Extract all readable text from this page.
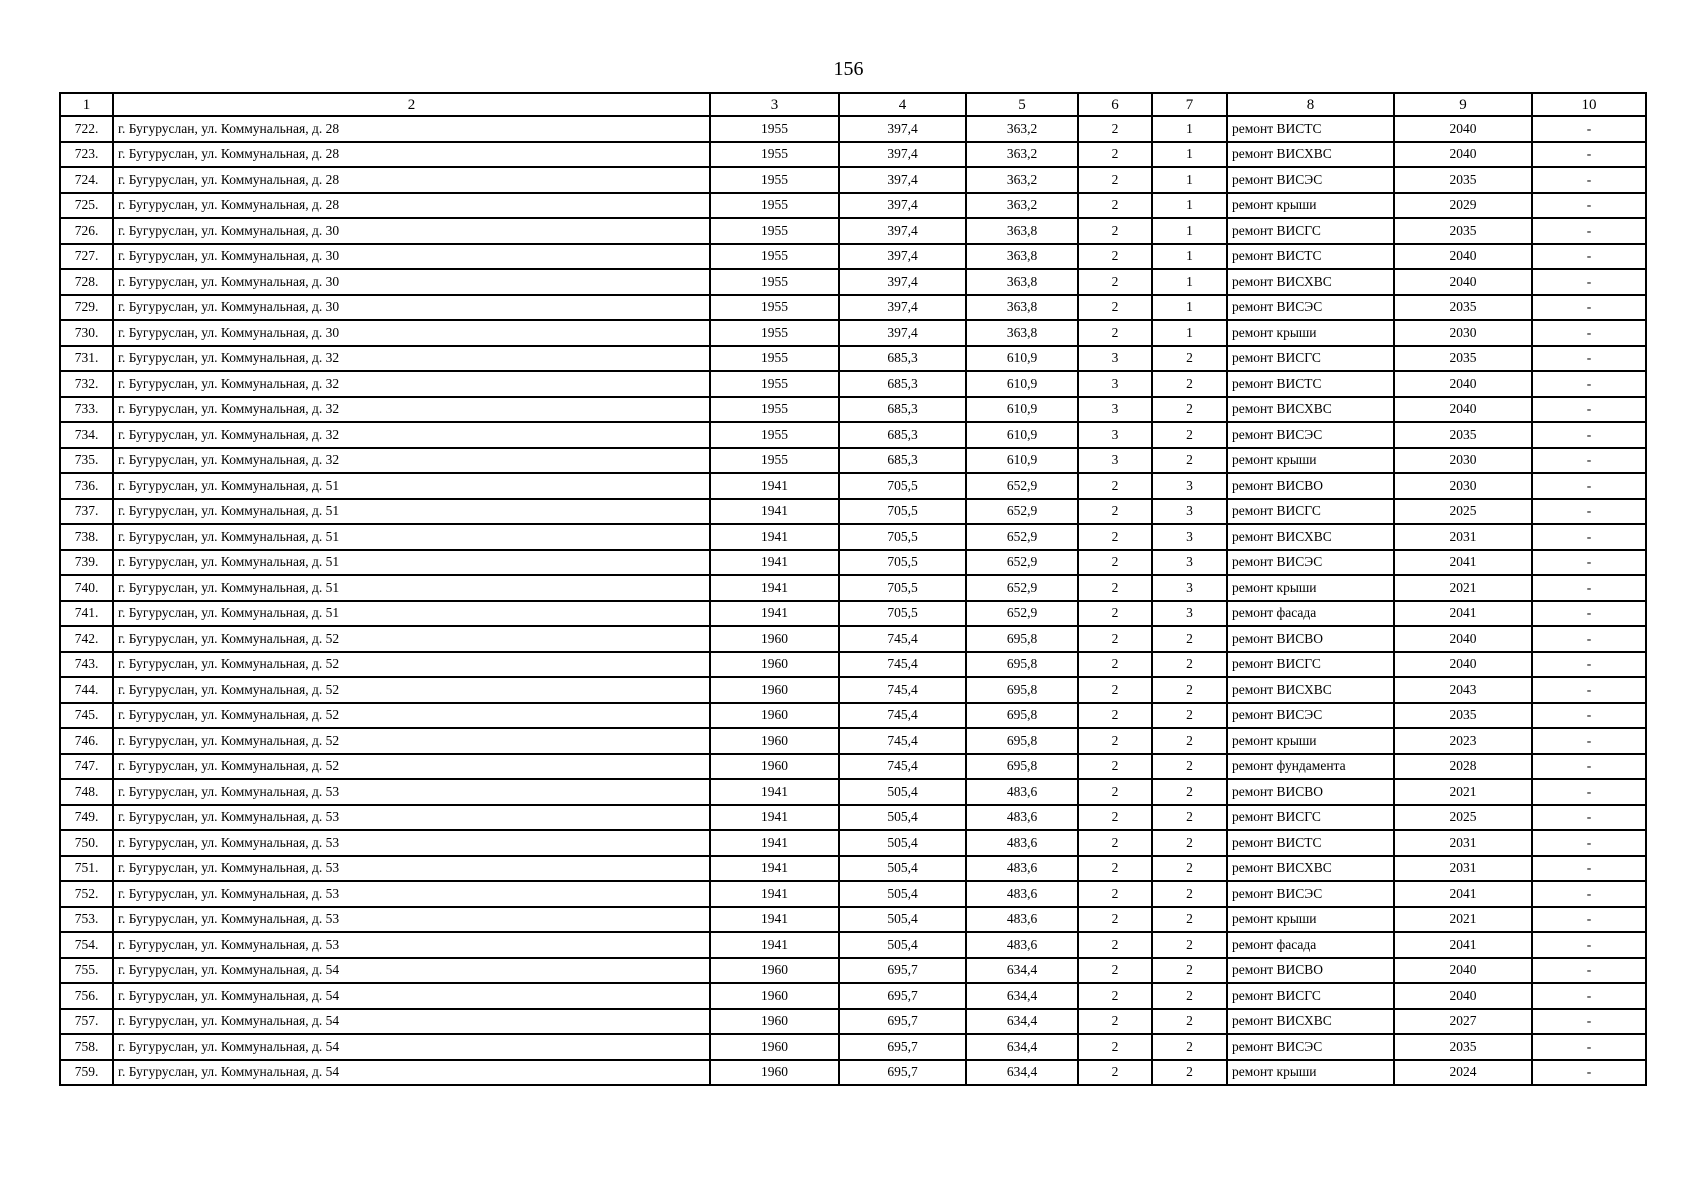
156
1	2	3	4	5	6	7	8	9	10
722.	г. Бугуруслан, ул. Коммунальная, д. 28	1955	397,4	363,2	2	1	ремонт ВИСТС	2040	-
723.	г. Бугуруслан, ул. Коммунальная, д. 28	1955	397,4	363,2	2	1	ремонт ВИСХВС	2040	-
724.	г. Бугуруслан, ул. Коммунальная, д. 28	1955	397,4	363,2	2	1	ремонт ВИСЭС	2035	-
725.	г. Бугуруслан, ул. Коммунальная, д. 28	1955	397,4	363,2	2	1	ремонт крыши	2029	-
726.	г. Бугуруслан, ул. Коммунальная, д. 30	1955	397,4	363,8	2	1	ремонт ВИСГС	2035	-
727.	г. Бугуруслан, ул. Коммунальная, д. 30	1955	397,4	363,8	2	1	ремонт ВИСТС	2040	-
728.	г. Бугуруслан, ул. Коммунальная, д. 30	1955	397,4	363,8	2	1	ремонт ВИСХВС	2040	-
729.	г. Бугуруслан, ул. Коммунальная, д. 30	1955	397,4	363,8	2	1	ремонт ВИСЭС	2035	-
730.	г. Бугуруслан, ул. Коммунальная, д. 30	1955	397,4	363,8	2	1	ремонт крыши	2030	-
731.	г. Бугуруслан, ул. Коммунальная, д. 32	1955	685,3	610,9	3	2	ремонт ВИСГС	2035	-
732.	г. Бугуруслан, ул. Коммунальная, д. 32	1955	685,3	610,9	3	2	ремонт ВИСТС	2040	-
733.	г. Бугуруслан, ул. Коммунальная, д. 32	1955	685,3	610,9	3	2	ремонт ВИСХВС	2040	-
734.	г. Бугуруслан, ул. Коммунальная, д. 32	1955	685,3	610,9	3	2	ремонт ВИСЭС	2035	-
735.	г. Бугуруслан, ул. Коммунальная, д. 32	1955	685,3	610,9	3	2	ремонт крыши	2030	-
736.	г. Бугуруслан, ул. Коммунальная, д. 51	1941	705,5	652,9	2	3	ремонт ВИСВО	2030	-
737.	г. Бугуруслан, ул. Коммунальная, д. 51	1941	705,5	652,9	2	3	ремонт ВИСГС	2025	-
738.	г. Бугуруслан, ул. Коммунальная, д. 51	1941	705,5	652,9	2	3	ремонт ВИСХВС	2031	-
739.	г. Бугуруслан, ул. Коммунальная, д. 51	1941	705,5	652,9	2	3	ремонт ВИСЭС	2041	-
740.	г. Бугуруслан, ул. Коммунальная, д. 51	1941	705,5	652,9	2	3	ремонт крыши	2021	-
741.	г. Бугуруслан, ул. Коммунальная, д. 51	1941	705,5	652,9	2	3	ремонт фасада	2041	-
742.	г. Бугуруслан, ул. Коммунальная, д. 52	1960	745,4	695,8	2	2	ремонт ВИСВО	2040	-
743.	г. Бугуруслан, ул. Коммунальная, д. 52	1960	745,4	695,8	2	2	ремонт ВИСГС	2040	-
744.	г. Бугуруслан, ул. Коммунальная, д. 52	1960	745,4	695,8	2	2	ремонт ВИСХВС	2043	-
745.	г. Бугуруслан, ул. Коммунальная, д. 52	1960	745,4	695,8	2	2	ремонт ВИСЭС	2035	-
746.	г. Бугуруслан, ул. Коммунальная, д. 52	1960	745,4	695,8	2	2	ремонт крыши	2023	-
747.	г. Бугуруслан, ул. Коммунальная, д. 52	1960	745,4	695,8	2	2	ремонт фундамента	2028	-
748.	г. Бугуруслан, ул. Коммунальная, д. 53	1941	505,4	483,6	2	2	ремонт ВИСВО	2021	-
749.	г. Бугуруслан, ул. Коммунальная, д. 53	1941	505,4	483,6	2	2	ремонт ВИСГС	2025	-
750.	г. Бугуруслан, ул. Коммунальная, д. 53	1941	505,4	483,6	2	2	ремонт ВИСТС	2031	-
751.	г. Бугуруслан, ул. Коммунальная, д. 53	1941	505,4	483,6	2	2	ремонт ВИСХВС	2031	-
752.	г. Бугуруслан, ул. Коммунальная, д. 53	1941	505,4	483,6	2	2	ремонт ВИСЭС	2041	-
753.	г. Бугуруслан, ул. Коммунальная, д. 53	1941	505,4	483,6	2	2	ремонт крыши	2021	-
754.	г. Бугуруслан, ул. Коммунальная, д. 53	1941	505,4	483,6	2	2	ремонт фасада	2041	-
755.	г. Бугуруслан, ул. Коммунальная, д. 54	1960	695,7	634,4	2	2	ремонт ВИСВО	2040	-
756.	г. Бугуруслан, ул. Коммунальная, д. 54	1960	695,7	634,4	2	2	ремонт ВИСГС	2040	-
757.	г. Бугуруслан, ул. Коммунальная, д. 54	1960	695,7	634,4	2	2	ремонт ВИСХВС	2027	-
758.	г. Бугуруслан, ул. Коммунальная, д. 54	1960	695,7	634,4	2	2	ремонт ВИСЭС	2035	-
759.	г. Бугуруслан, ул. Коммунальная, д. 54	1960	695,7	634,4	2	2	ремонт крыши	2024	-
